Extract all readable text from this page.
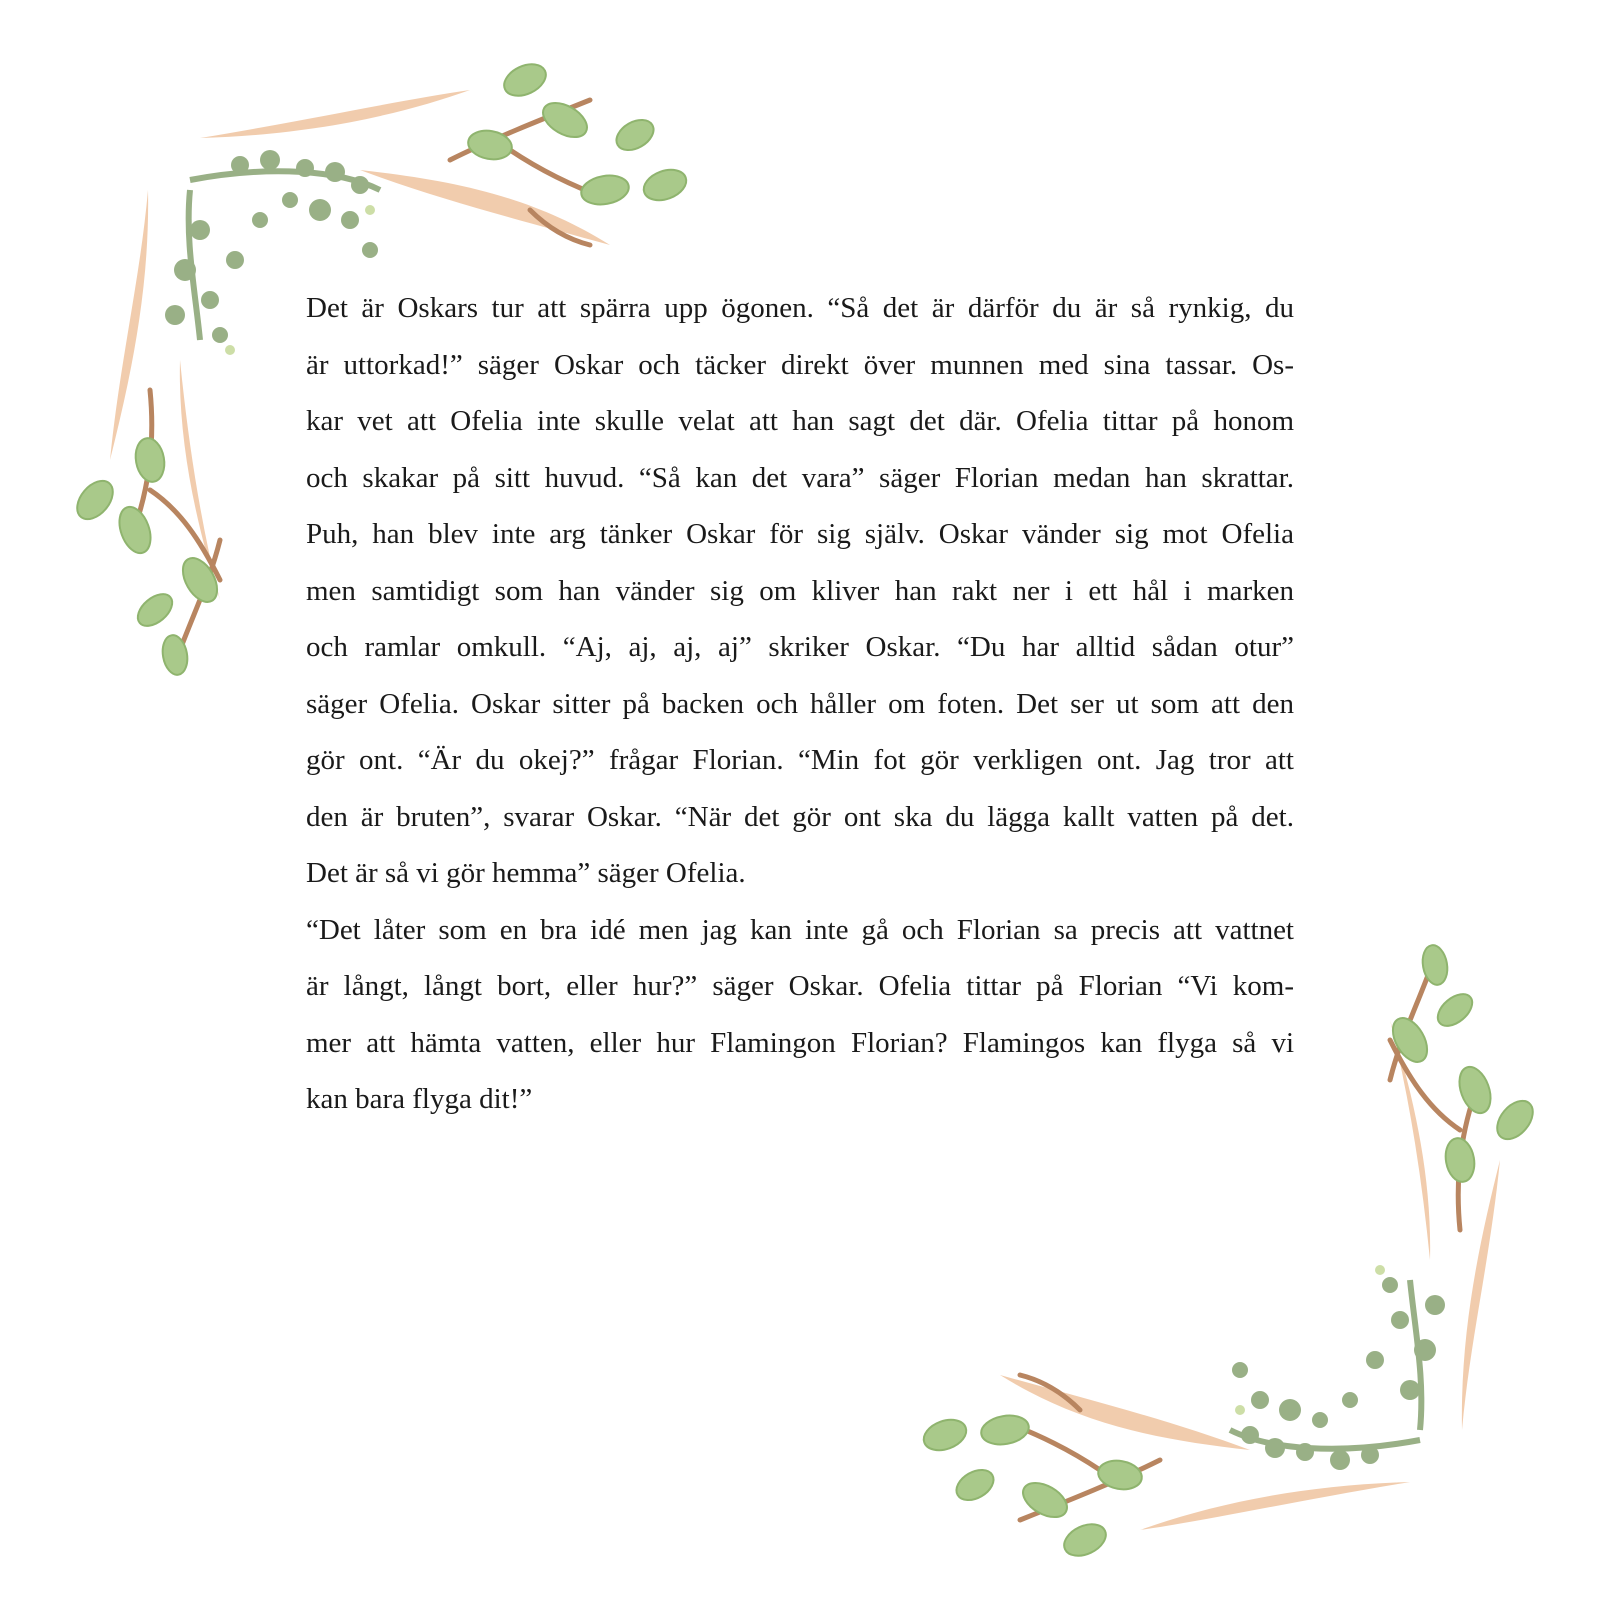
Det är Oskars tur att spärra upp ögonen. “Så det är därför du är så rynkig, du
är uttorkad!” säger Oskar och täcker direkt över munnen med sina tassar. Os-
kar vet att Ofelia inte skulle velat att han sagt det där. Ofelia tittar på honom
och skakar på sitt huvud. “Så kan det vara” säger Florian medan han skrattar.
Puh, han blev inte arg tänker Oskar för sig själv. Oskar vänder sig mot Ofelia
men samtidigt som han vänder sig om kliver han rakt ner i ett hål i marken
och ramlar omkull. “Aj, aj, aj, aj” skriker Oskar. “Du har alltid sådan otur”
säger Ofelia. Oskar sitter på backen och håller om foten. Det ser ut som att den
gör ont. “Är du okej?” frågar Florian. “Min fot gör verkligen ont. Jag tror att
den är bruten”, svarar Oskar. “När det gör ont ska du lägga kallt vatten på det.
Det är så vi gör hemma” säger Ofelia.
“Det låter som en bra idé men jag kan inte gå och Florian sa precis att vattnet
är långt, långt bort, eller hur?” säger Oskar. Ofelia tittar på Florian “Vi kom-
mer att hämta vatten, eller hur Flamingon Florian? Flamingos kan flyga så vi
kan bara flyga dit!”
